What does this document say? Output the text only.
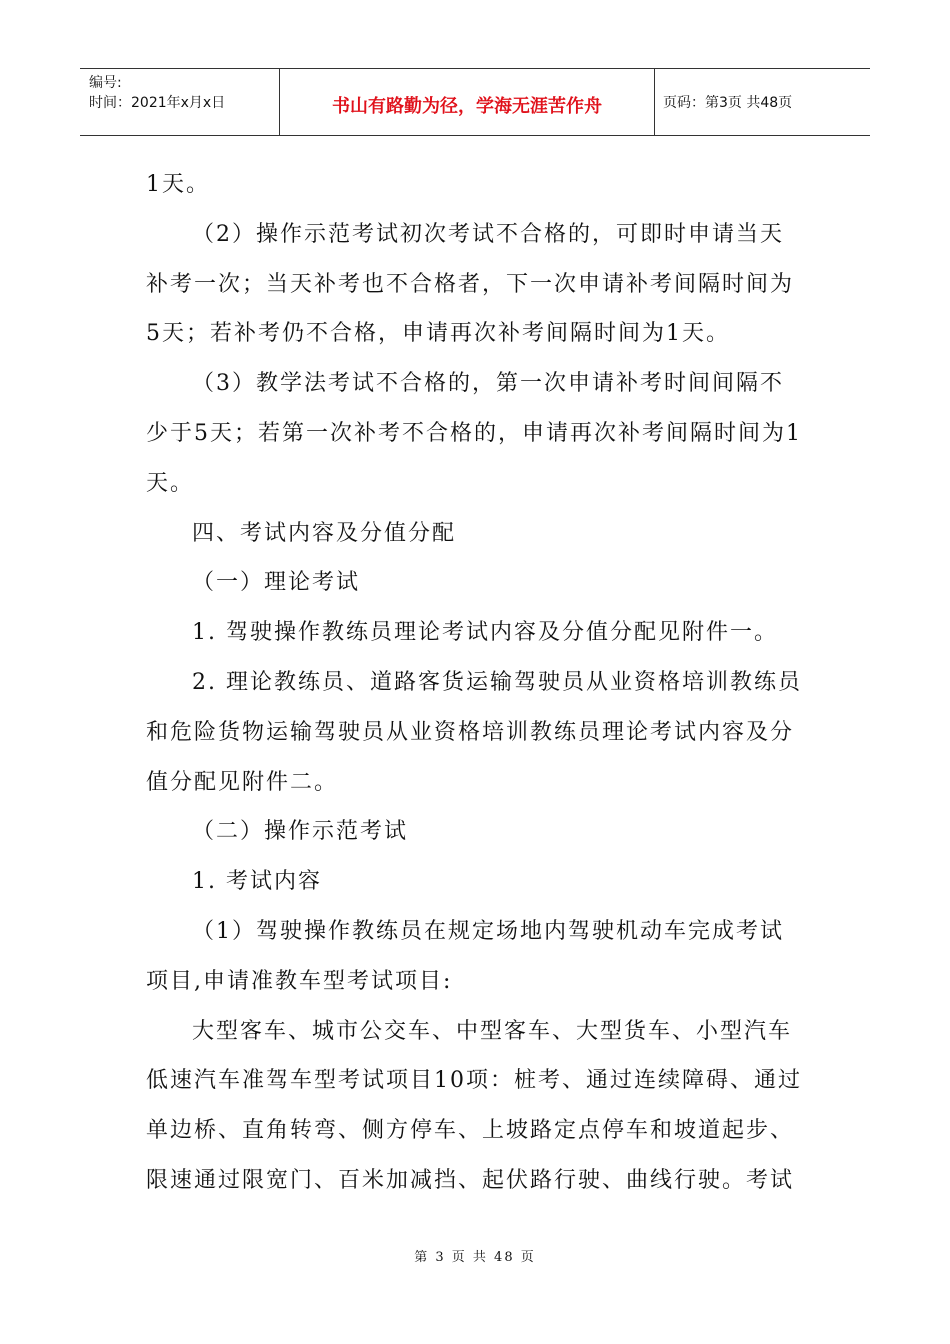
编号:
时间：2021年x月x日	书山有路勤为径，学海无涯苦作舟	页码：第3页 共48页

1天。

（2）操作示范考试初次考试不合格的，可即时申请当天补考一次；当天补考也不合格者，下一次申请补考间隔时间为5天；若补考仍不合格，申请再次补考间隔时间为1天。

（3）教学法考试不合格的，第一次申请补考时间间隔不少于5天；若第一次补考不合格的，申请再次补考间隔时间为1天。

四、考试内容及分值分配

（一）理论考试

1. 驾驶操作教练员理论考试内容及分值分配见附件一。

2. 理论教练员、道路客货运输驾驶员从业资格培训教练员和危险货物运输驾驶员从业资格培训教练员理论考试内容及分值分配见附件二。

（二）操作示范考试

1. 考试内容

（1）驾驶操作教练员在规定场地内驾驶机动车完成考试项目,申请准教车型考试项目:

大型客车、城市公交车、中型客车、大型货车、小型汽车低速汽车准驾车型考试项目10项：桩考、通过连续障碍、通过单边桥、直角转弯、侧方停车、上坡路定点停车和坡道起步、限速通过限宽门、百米加减挡、起伏路行驶、曲线行驶。考试

第 3 页 共 48 页
